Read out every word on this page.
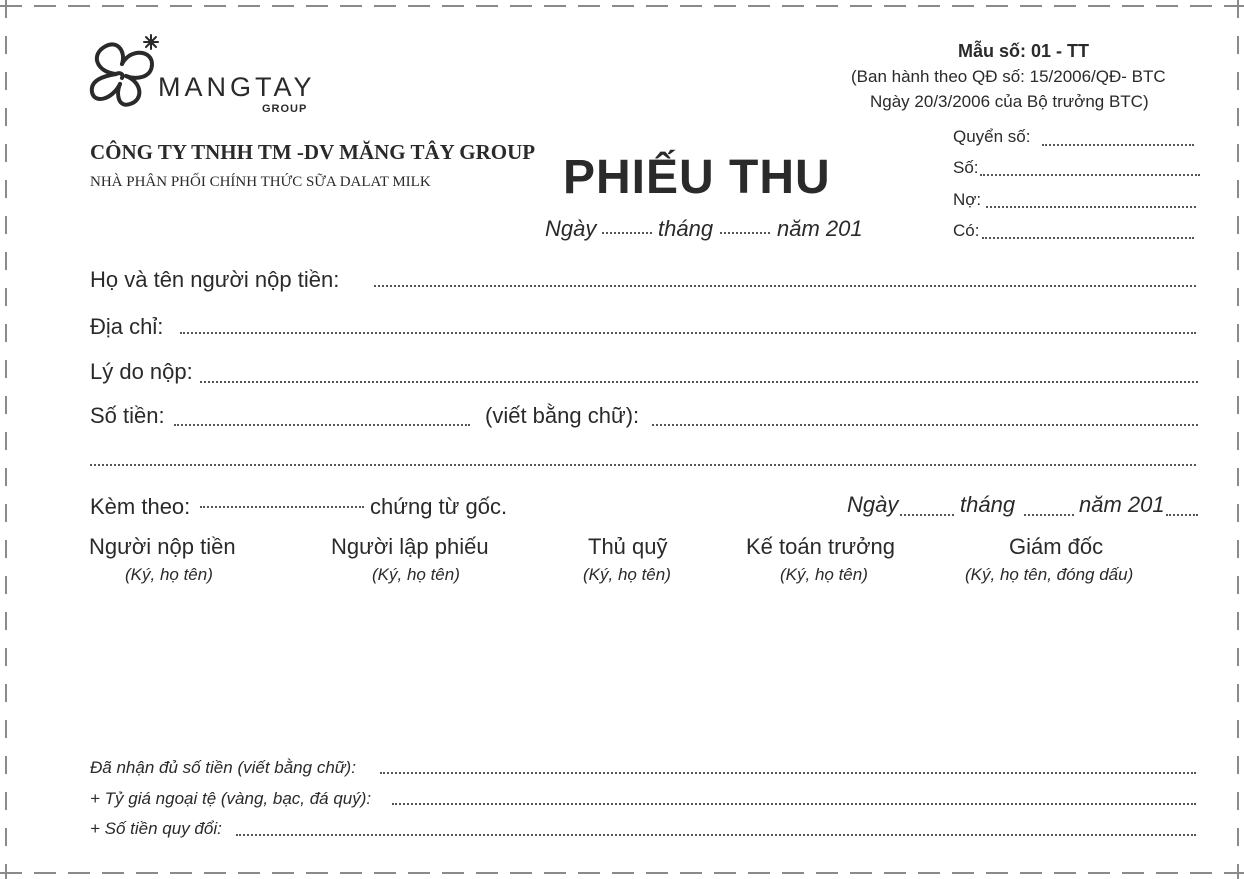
MANGTAY
GROUP
CÔNG TY TNHH TM -DV MĂNG TÂY GROUP
NHÀ PHÂN PHỐI CHÍNH THỨC SỮA DALAT MILK
Mẫu số: 01 - TT
(Ban hành theo QĐ số: 15/2006/QĐ- BTC
Ngày 20/3/2006 của Bộ trưởng BTC)
Quyển số:
Số:
Nợ:
Có:
PHIẾU THU
Ngày	tháng	năm 201
Họ và tên người nộp tiền:
Địa chỉ:
Lý do nộp:
Số tiền:	(viết bằng chữ):
Kèm theo:	chứng từ gốc.	Ngày	tháng	năm 201
Người nộp tiền
(Ký, họ tên)
Người lập phiếu
(Ký, họ tên)
Thủ quỹ
(Ký, họ tên)
Kế toán trưởng
(Ký, họ tên)
Giám đốc
(Ký, họ tên, đóng dấu)
Đã nhận đủ số tiền (viết bằng chữ):
+ Tỷ giá ngoại tệ (vàng, bạc, đá quý):
+ Số tiền quy đổi:
